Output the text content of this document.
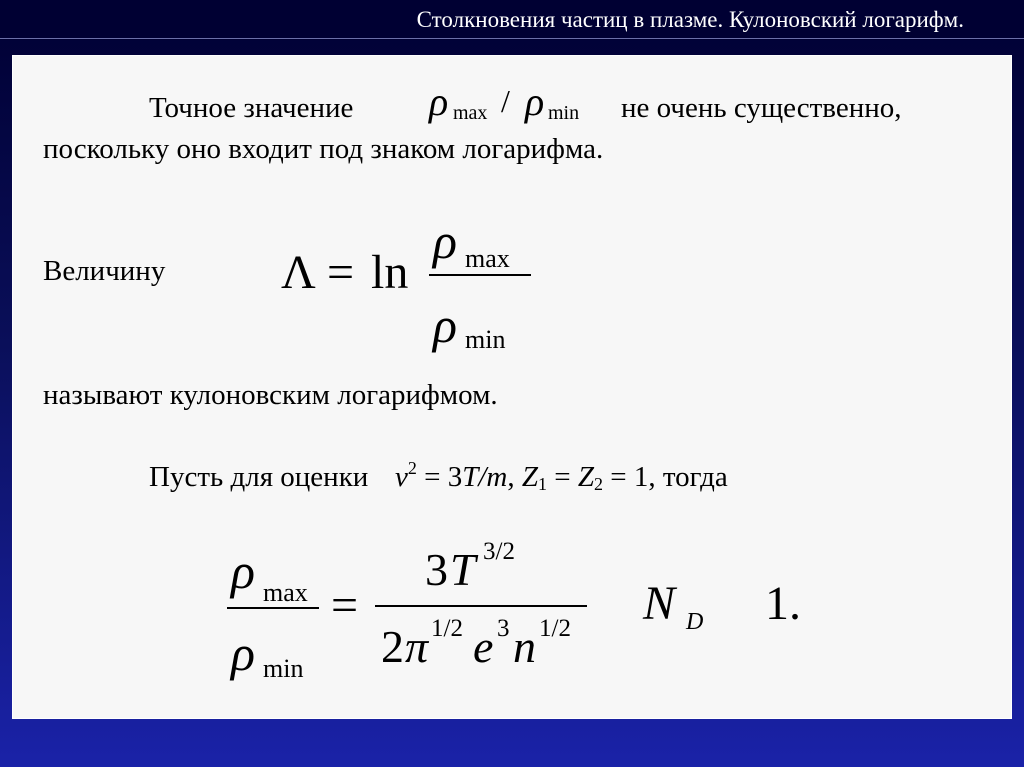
Столкновения частиц в плазме. Кулоновский логарифм.
Точное значение ρ max / ρ min не очень существенно,
поскольку оно входит под знаком логарифма.
Величину Λ = ln
ρ max
ρ min
называют кулоновским логарифмом.
Пусть для оценки $v^2 = 3T/m$, Z1 = Z2 = 1, тогда
ρ max
ρ min
=
3 T 3/2
2 π 1/2 e 3 n 1/2 N D 1.
